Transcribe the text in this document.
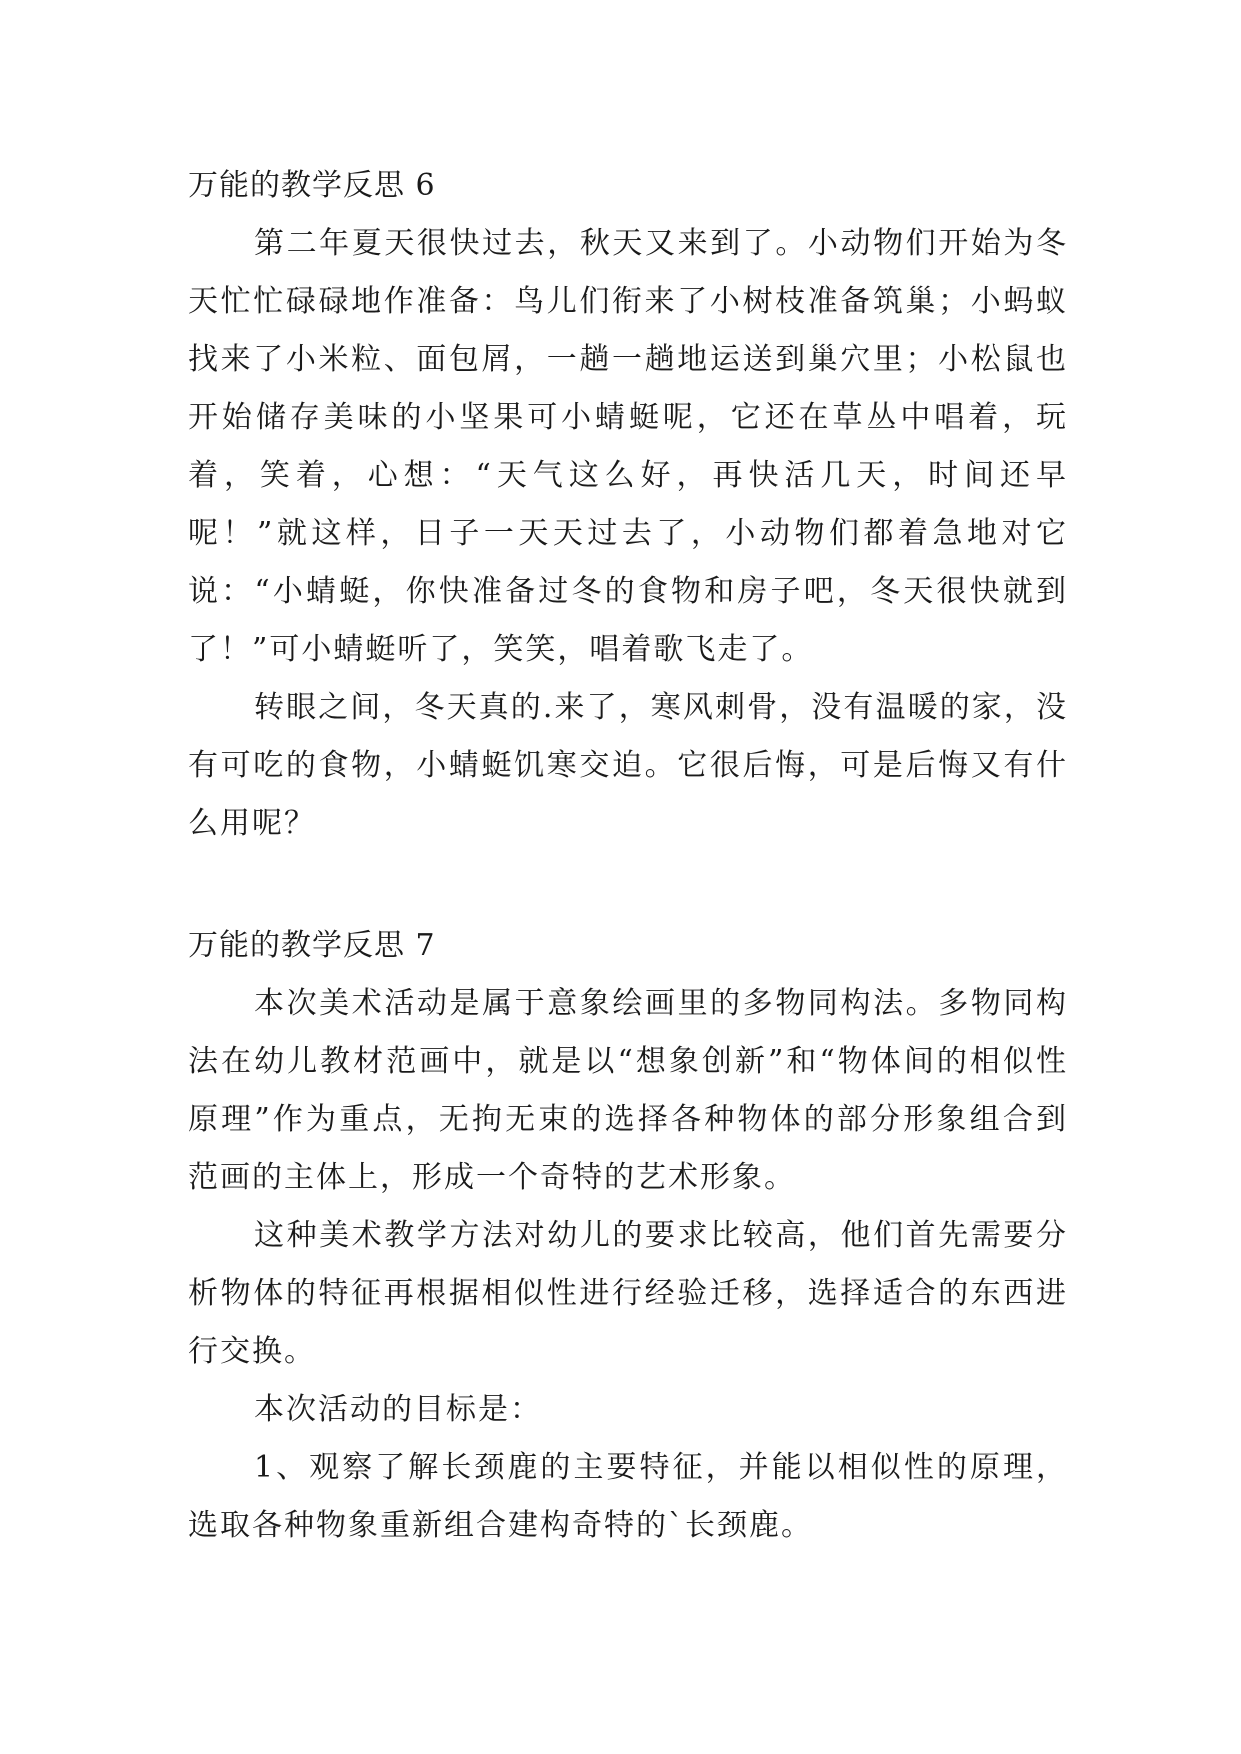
万能的教学反思 6

第二年夏天很快过去，秋天又来到了。小动物们开始为冬天忙忙碌碌地作准备：鸟儿们衔来了小树枝准备筑巢；小蚂蚁找来了小米粒、面包屑，一趟一趟地运送到巢穴里；小松鼠也开始储存美味的小坚果可小蜻蜓呢，它还在草丛中唱着，玩着，笑着，心想：“天气这么好，再快活几天，时间还早呢！”就这样，日子一天天过去了，小动物们都着急地对它说：“小蜻蜓，你快准备过冬的食物和房子吧，冬天很快就到了！”可小蜻蜓听了，笑笑，唱着歌飞走了。

转眼之间，冬天真的.来了，寒风刺骨，没有温暖的家，没有可吃的食物，小蜻蜓饥寒交迫。它很后悔，可是后悔又有什么用呢？

万能的教学反思 7

本次美术活动是属于意象绘画里的多物同构法。多物同构法在幼儿教材范画中，就是以“想象创新”和“物体间的相似性原理”作为重点，无拘无束的选择各种物体的部分形象组合到范画的主体上，形成一个奇特的艺术形象。

这种美术教学方法对幼儿的要求比较高，他们首先需要分析物体的特征再根据相似性进行经验迁移，选择适合的东西进行交换。

本次活动的目标是：

1、观察了解长颈鹿的主要特征，并能以相似性的原理，选取各种物象重新组合建构奇特的`长颈鹿。
